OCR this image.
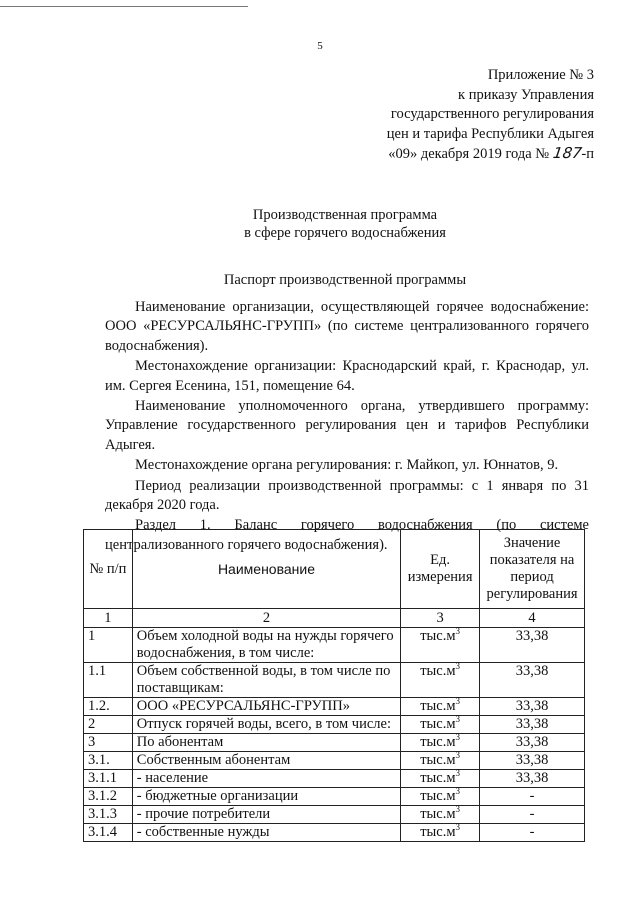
5
Приложение № 3
к приказу Управления
государственного регулирования
цен и тарифа Республики Адыгея
«09» декабря 2019 года № 187-п
Производственная программа
в сфере горячего водоснабжения
Паспорт производственной программы

Наименование организации, осуществляющей горячее водоснабжение: ООО «РЕСУРСАЛЬЯНС-ГРУПП» (по системе централизованного горячего водоснабжения).

Местонахождение организации: Краснодарский край, г. Краснодар, ул. им. Сергея Есенина, 151, помещение 64.

Наименование уполномоченного органа, утвердившего программу: Управление государственного регулирования цен и тарифов Республики Адыгея.

Местонахождение органа регулирования: г. Майкоп, ул. Юннатов, 9.

Период реализации производственной программы: с 1 января по 31 декабря 2020 года.

Раздел 1. Баланс горячего водоснабжения (по системе централизованного горячего водоснабжения).

№ п/п	Наименование	Ед. измерения	Значение показателя на период регулирования
1	2	3	4
1	Объем холодной воды на нужды горячего водоснабжения, в том числе:	$тыс.м^3$	33,38
1.1	Объем собственной воды, в том числе по поставщикам:	$тыс.м^3$	33,38
1.2.	ООО «РЕСУРСАЛЬЯНС-ГРУПП»	$тыс.м^3$	33,38
2	Отпуск горячей воды, всего, в том числе:	$тыс.м^3$	33,38
3	По абонентам	$тыс.м^3$	33,38
3.1.	Собственным абонентам	$тыс.м^3$	33,38
3.1.1	- население	$тыс.м^3$	33,38
3.1.2	- бюджетные организации	$тыс.м^3$	-
3.1.3	- прочие потребители	$тыс.м^3$	-
3.1.4	- собственные нужды	$тыс.м^3$	-
